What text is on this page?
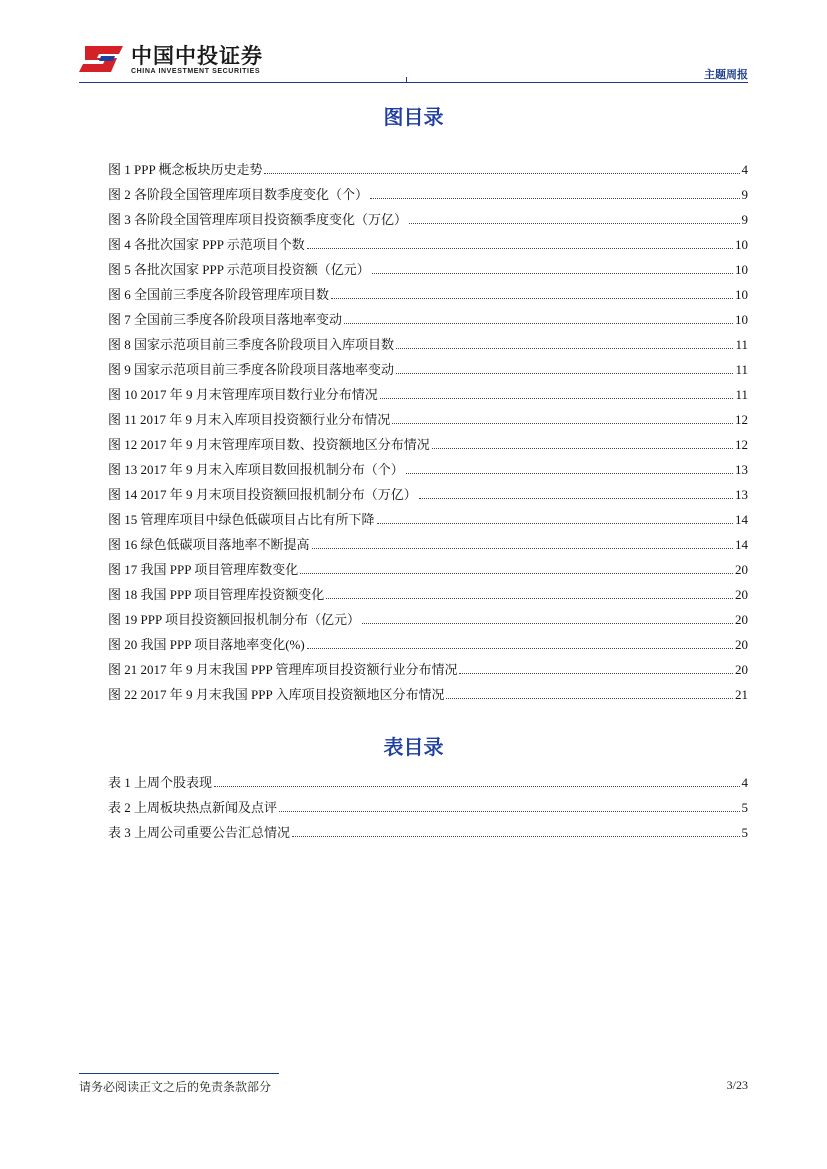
中国中投证券
CHINA INVESTMENT SECURITIES	主题周报
图目录
图 1 PPP 概念板块历史走势	4
图 2 各阶段全国管理库项目数季度变化（个）	9
图 3 各阶段全国管理库项目投资额季度变化（万亿）	9
图 4 各批次国家 PPP 示范项目个数	10
图 5 各批次国家 PPP 示范项目投资额（亿元）	10
图 6 全国前三季度各阶段管理库项目数	10
图 7 全国前三季度各阶段项目落地率变动	10
图 8 国家示范项目前三季度各阶段项目入库项目数	11
图 9 国家示范项目前三季度各阶段项目落地率变动	11
图 10 2017 年 9 月末管理库项目数行业分布情况	11
图 11 2017 年 9 月末入库项目投资额行业分布情况	12
图 12 2017 年 9 月末管理库项目数、投资额地区分布情况	12
图 13 2017 年 9 月末入库项目数回报机制分布（个）	13
图 14 2017 年 9 月末项目投资额回报机制分布（万亿）	13
图 15 管理库项目中绿色低碳项目占比有所下降	14
图 16 绿色低碳项目落地率不断提高	14
图 17 我国 PPP 项目管理库数变化	20
图 18 我国 PPP 项目管理库投资额变化	20
图 19 PPP 项目投资额回报机制分布（亿元）	20
图 20 我国 PPP 项目落地率变化(%)	20
图 21 2017 年 9 月末我国 PPP 管理库项目投资额行业分布情况	20
图 22 2017 年 9 月末我国 PPP 入库项目投资额地区分布情况	21
表目录
表 1 上周个股表现	4
表 2 上周板块热点新闻及点评	5
表 3 上周公司重要公告汇总情况	5
请务必阅读正文之后的免责条款部分	3/23
